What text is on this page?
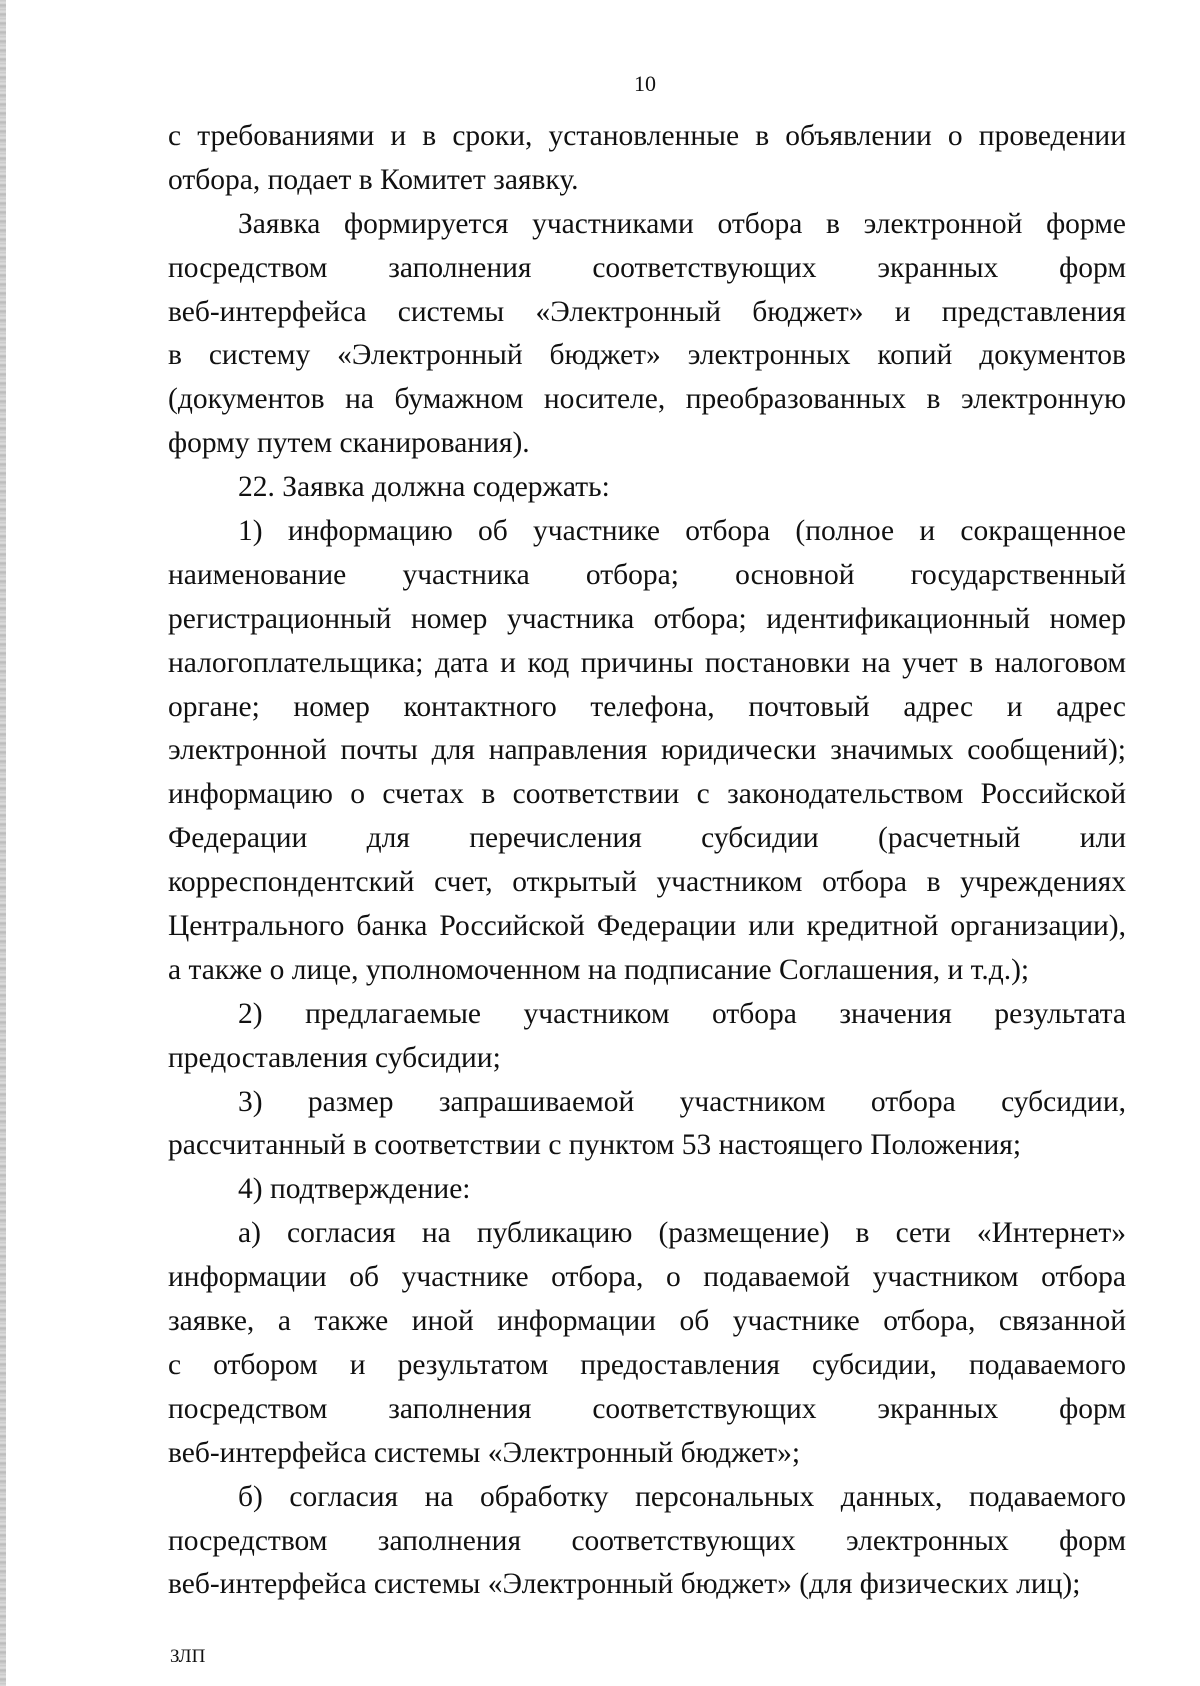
10
с требованиями и в сроки, установленные в объявлении о проведении
отбора, подает в Комитет заявку.
Заявка формируется участниками отбора в электронной форме
посредством заполнения соответствующих экранных форм
веб-интерфейса системы «Электронный бюджет» и представления
в систему «Электронный бюджет» электронных копий документов
(документов на бумажном носителе, преобразованных в электронную
форму путем сканирования).
22. Заявка должна содержать:
1) информацию об участнике отбора (полное и сокращенное
наименование участника отбора; основной государственный
регистрационный номер участника отбора; идентификационный номер
налогоплательщика; дата и код причины постановки на учет в налоговом
органе; номер контактного телефона, почтовый адрес и адрес
электронной почты для направления юридически значимых сообщений);
информацию о счетах в соответствии с законодательством Российской
Федерации для перечисления субсидии (расчетный или
корреспондентский счет, открытый участником отбора в учреждениях
Центрального банка Российской Федерации или кредитной организации),
а также о лице, уполномоченном на подписание Соглашения, и т.д.);
2) предлагаемые участником отбора значения результата
предоставления субсидии;
3) размер запрашиваемой участником отбора субсидии,
рассчитанный в соответствии с пунктом 53 настоящего Положения;
4) подтверждение:
а) согласия на публикацию (размещение) в сети «Интернет»
информации об участнике отбора, о подаваемой участником отбора
заявке, а также иной информации об участнике отбора, связанной
с отбором и результатом предоставления субсидии, подаваемого
посредством заполнения соответствующих экранных форм
веб-интерфейса системы «Электронный бюджет»;
б) согласия на обработку персональных данных, подаваемого
посредством заполнения соответствующих электронных форм
веб-интерфейса системы «Электронный бюджет» (для физических лиц);
ЗЛП
